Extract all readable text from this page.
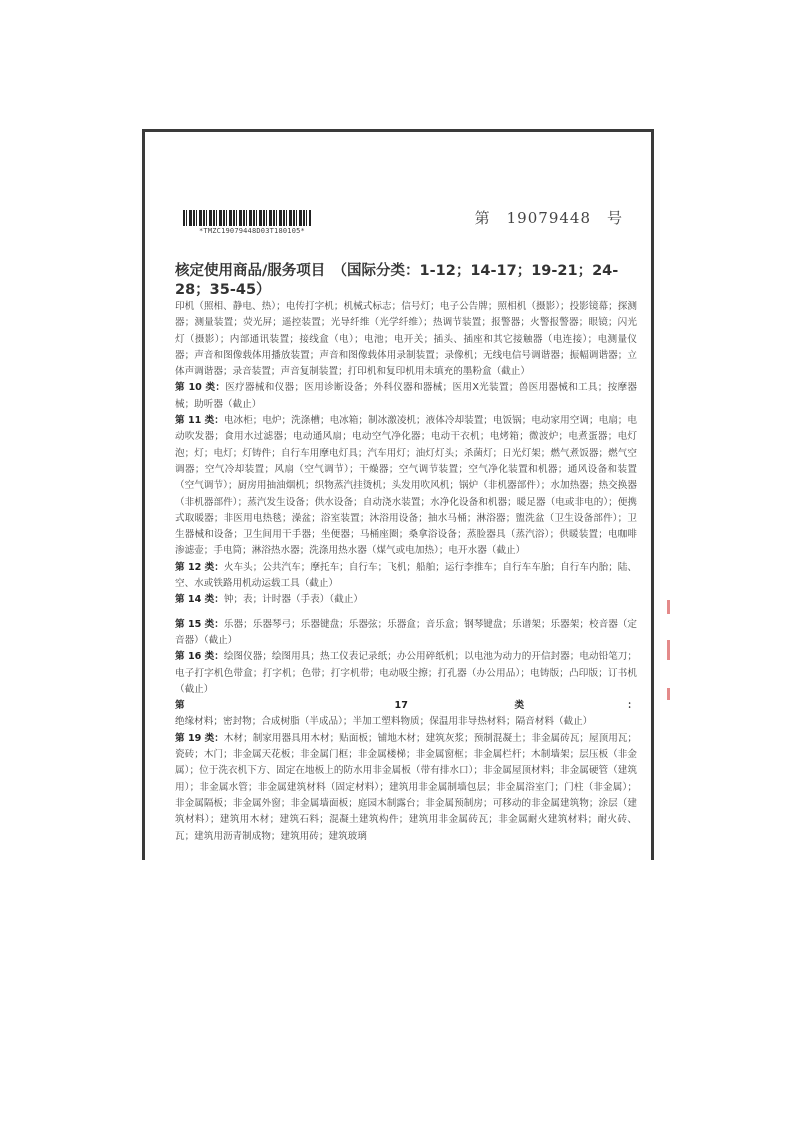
*TMZC19079448D03T180105*
第　19079448　号
核定使用商品/服务项目　（国际分类：1-12；14-17；19-21；24-28；35-45）

印机（照相、静电、热）；电传打字机；机械式标志；信号灯；电子公告牌；照相机（摄影）；投影镜幕；探测器；测量装置；荧光屏；遥控装置；光导纤维（光学纤维）；热调节装置；报警器；火警报警器；眼镜；闪光灯（摄影）；内部通讯装置；接线盒（电）；电池；电开关；插头、插座和其它接触器（电连接）；电测量仪器；声音和图像载体用播放装置；声音和图像载体用录制装置；录像机；无线电信号调谐器；振幅调谐器；立体声调谐器；录音装置；声音复制装置；打印机和复印机用未填充的墨粉盒（截止）

第 10 类：医疗器械和仪器；医用诊断设备；外科仪器和器械；医用X光装置；兽医用器械和工具；按摩器械；助听器（截止）

第 11 类：电冰柜；电炉；洗涤槽；电冰箱；制冰激凌机；液体冷却装置；电饭锅；电动家用空调；电扇；电动吹发器；食用水过滤器；电动通风扇；电动空气净化器；电动干衣机；电烤箱；微波炉；电煮蛋器；电灯泡；灯；电灯；灯铸件；自行车用摩电灯具；汽车用灯；油灯灯头；杀菌灯；日光灯架；燃气煮饭器；燃气空调器；空气冷却装置；风扇（空气调节）；干燥器；空气调节装置；空气净化装置和机器；通风设备和装置（空气调节）；厨房用抽油烟机；织物蒸汽挂烫机；头发用吹风机；锅炉（非机器部件）；水加热器；热交换器（非机器部件）；蒸汽发生设备；供水设备；自动浇水装置；水净化设备和机器；暖足器（电或非电的）；便携式取暖器；非医用电热毯；澡盆；浴室装置；沐浴用设备；抽水马桶；淋浴器；盥洗盆（卫生设备部件）；卫生器械和设备；卫生间用干手器；坐便器；马桶座圈；桑拿浴设备；蒸脸器具（蒸汽浴）；供暖装置；电咖啡渗滤壶；手电筒；淋浴热水器；洗涤用热水器（煤气或电加热）；电开水器（截止）

第 12 类：火车头；公共汽车；摩托车；自行车；飞机；船舶；运行李推车；自行车车胎；自行车内胎；陆、空、水或铁路用机动运载工具（截止）

第 14 类：钟；表；计时器（手表）（截止）

第 15 类：乐器；乐器琴弓；乐器键盘；乐器弦；乐器盒；音乐盒；钢琴键盘；乐谱架；乐器架；校音器（定音器）（截止）

第 16 类：绘图仪器；绘图用具；热工仪表记录纸；办公用碎纸机；以电池为动力的开信封器；电动铅笔刀；电子打字机色带盒；打字机；色带；打字机带；电动吸尘擦；打孔器（办公用品）；电铸版；凸印版；订书机（截止）

第 17 类：绝缘材料；密封物；合成树脂（半成品）；半加工塑料物质；保温用非导热材料；隔音材料（截止）

第 19 类：木材；制家用器具用木材；贴面板；铺地木材；建筑灰浆；预制混凝土；非金属砖瓦；屋顶用瓦；瓷砖；木门；非金属天花板；非金属门框；非金属楼梯；非金属窗框；非金属栏杆；木制墙架；层压板（非金属）；位于洗衣机下方、固定在地板上的防水用非金属板（带有排水口）；非金属屋顶材料；非金属硬管（建筑用）；非金属水管；非金属建筑材料（固定材料）；建筑用非金属制墙包层；非金属浴室门；门柱（非金属）；非金属隔板；非金属外窗；非金属墙面板；庭园木制露台；非金属预制房；可移动的非金属建筑物；涂层（建筑材料）；建筑用木材；建筑石料；混凝土建筑构件；建筑用非金属砖瓦；非金属耐火建筑材料；耐火砖、瓦；建筑用沥青制成物；建筑用砖；建筑玻璃
